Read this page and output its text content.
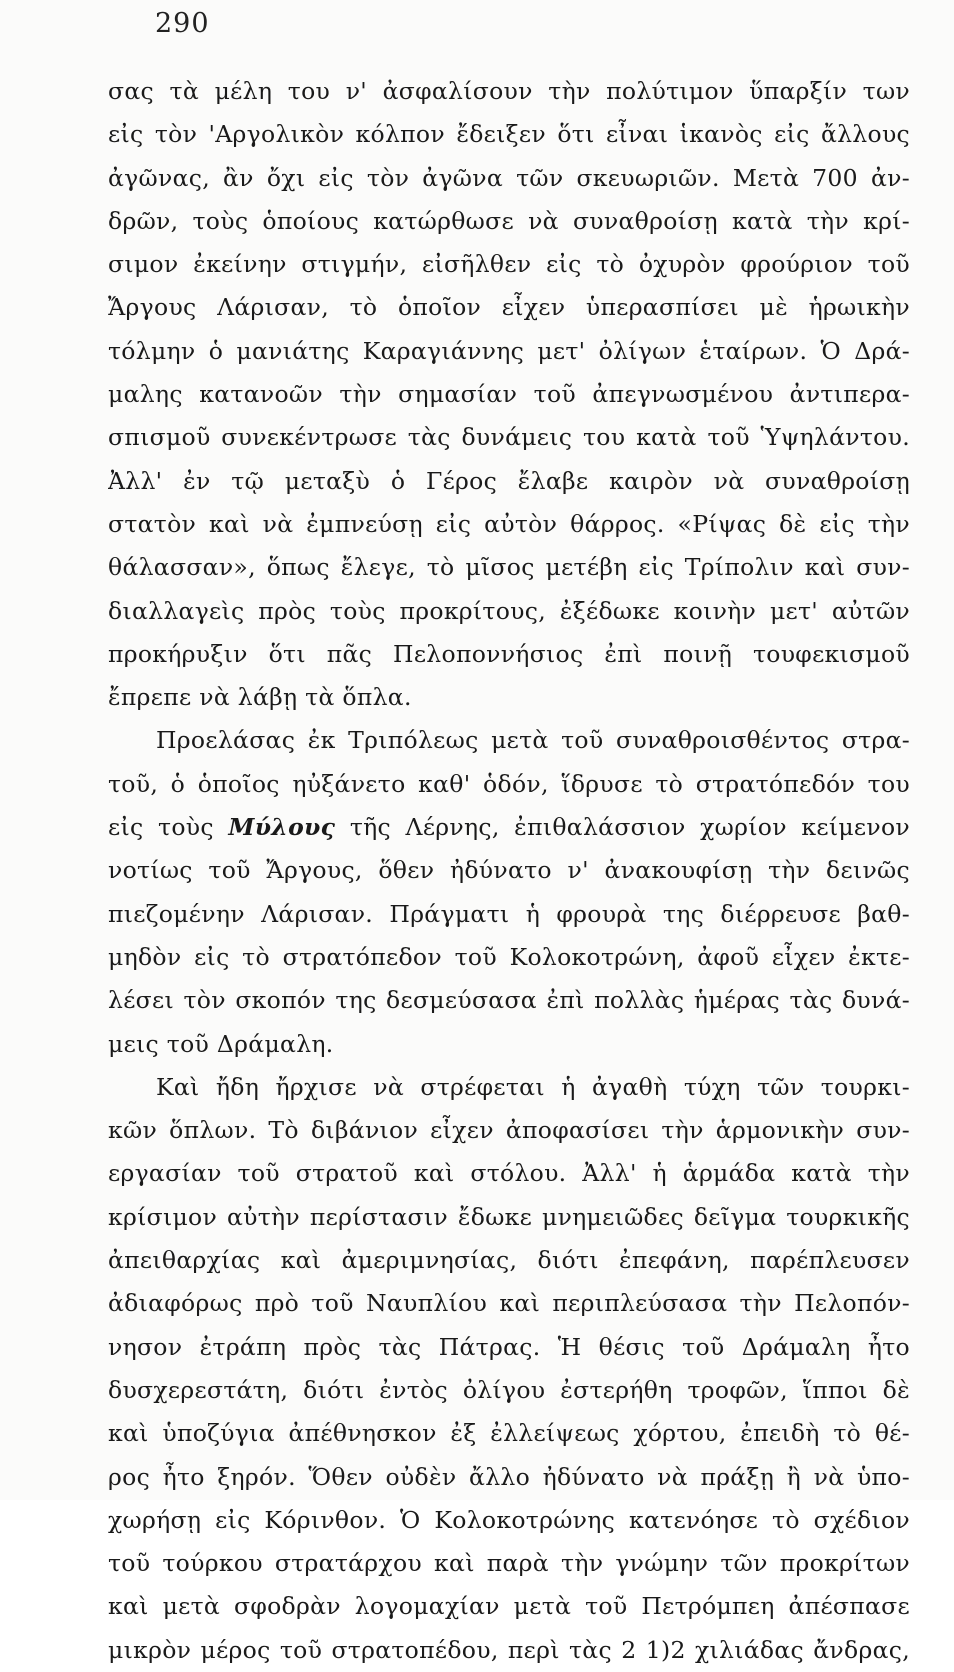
290
σας τὰ μέλη του ν' ἀσφαλίσουν τὴν πολύτιμον ὕπαρξίν των
εἰς τὸν 'Αργολικὸν κόλπον ἔδειξεν ὅτι εἶναι ἱκανὸς εἰς ἄλλους
ἀγῶνας, ἂν ὄχι εἰς τὸν ἀγῶνα τῶν σκευωριῶν. Μετὰ 700 ἀν-
δρῶν, τοὺς ὁποίους κατώρθωσε νὰ συναθροίσῃ κατὰ τὴν κρί-
σιμον ἐκείνην στιγμήν, εἰσῆλθεν εἰς τὸ ὀχυρὸν φρούριον τοῦ
Ἄργους Λάρισαν, τὸ ὁποῖον εἶχεν ὑπερασπίσει μὲ ἡρωικὴν
τόλμην ὁ μανιάτης Καραγιάννης μετ' ὀλίγων ἑταίρων. Ὁ Δρά-
μαλης κατανοῶν τὴν σημασίαν τοῦ ἀπεγνωσμένου ἀντιπερα-
σπισμοῦ συνεκέντρωσε τὰς δυνάμεις του κατὰ τοῦ Ὑψηλάντου.
Ἀλλ' ἐν τῷ μεταξὺ ὁ Γέρος ἔλαβε καιρὸν νὰ συναθροίσῃ
στατὸν καὶ νὰ ἐμπνεύσῃ εἰς αὐτὸν θάρρος. «Ρίψας δὲ εἰς τὴν
θάλασσαν», ὅπως ἔλεγε, τὸ μῖσος μετέβη εἰς Τρίπολιν καὶ συν-
διαλλαγεὶς πρὸς τοὺς προκρίτους, ἐξέδωκε κοινὴν μετ' αὐτῶν
προκήρυξιν ὅτι πᾶς Πελοποννήσιος ἐπὶ ποινῇ τουφεκισμοῦ
ἔπρεπε νὰ λάβῃ τὰ ὅπλα.
Προελάσας ἐκ Τριπόλεως μετὰ τοῦ συναθροισθέντος στρα-
τοῦ, ὁ ὁποῖος ηὐξάνετο καθ' ὁδόν, ἵδρυσε τὸ στρατόπεδόν του
εἰς τοὺς Μύλους τῆς Λέρνης, ἐπιθαλάσσιον χωρίον κείμενον
νοτίως τοῦ Ἄργους, ὅθεν ἠδύνατο ν' ἀνακουφίσῃ τὴν δεινῶς
πιεζομένην Λάρισαν. Πράγματι ἡ φρουρὰ της διέρρευσε βαθ-
μηδὸν εἰς τὸ στρατόπεδον τοῦ Κολοκοτρώνη, ἀφοῦ εἶχεν ἐκτε-
λέσει τὸν σκοπόν της δεσμεύσασα ἐπὶ πολλὰς ἡμέρας τὰς δυνά-
μεις τοῦ Δράμαλη.
Καὶ ἤδη ἤρχισε νὰ στρέφεται ἡ ἀγαθὴ τύχη τῶν τουρκι-
κῶν ὅπλων. Τὸ διβάνιον εἶχεν ἀποφασίσει τὴν ἁρμονικὴν συν-
εργασίαν τοῦ στρατοῦ καὶ στόλου. Ἀλλ' ἡ ἁρμάδα κατὰ τὴν
κρίσιμον αὐτὴν περίστασιν ἔδωκε μνημειῶδες δεῖγμα τουρκικῆς
ἀπειθαρχίας καὶ ἀμεριμνησίας, διότι ἐπεφάνη, παρέπλευσεν
ἀδιαφόρως πρὸ τοῦ Ναυπλίου καὶ περιπλεύσασα τὴν Πελοπόν-
νησον ἐτράπη πρὸς τὰς Πάτρας. Ἡ θέσις τοῦ Δράμαλη ἦτο
δυσχερεστάτη, διότι ἐντὸς ὀλίγου ἐστερήθη τροφῶν, ἵπποι δὲ
καὶ ὑποζύγια ἀπέθνησκον ἐξ ἐλλείψεως χόρτου, ἐπειδὴ τὸ θέ-
ρος ἦτο ξηρόν. Ὅθεν οὐδὲν ἄλλο ἠδύνατο νὰ πράξῃ ἢ νὰ ὑπο-
χωρήσῃ εἰς Κόρινθον. Ὁ Κολοκοτρώνης κατενόησε τὸ σχέδιον
τοῦ τούρκου στρατάρχου καὶ παρὰ τὴν γνώμην τῶν προκρίτων
καὶ μετὰ σφοδρὰν λογομαχίαν μετὰ τοῦ Πετρόμπεη ἀπέσπασε
μικρὸν μέρος τοῦ στρατοπέδου, περὶ τὰς 2 1)2 χιλιάδας ἄνδρας,
